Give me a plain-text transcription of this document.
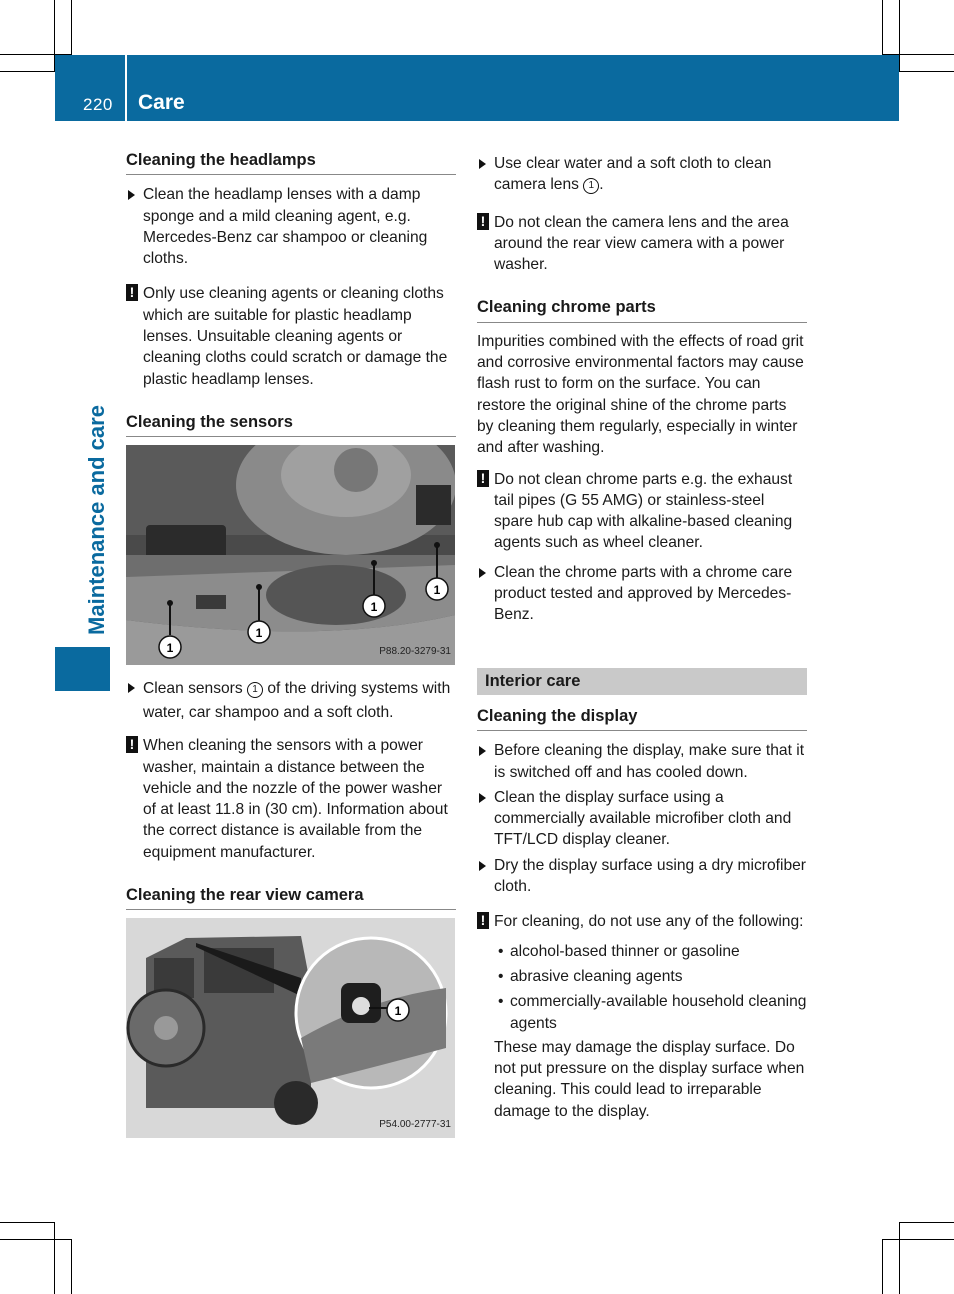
220 Care
Maintenance and care
Cleaning the headlamps

Clean the headlamp lenses with a damp sponge and a mild cleaning agent, e.g. Mercedes-Benz car shampoo or cleaning cloths.

! Only use cleaning agents or cleaning cloths which are suitable for plastic headlamp lenses. Unsuitable cleaning agents or cleaning cloths could scratch or damage the plastic headlamp lenses.
Cleaning the sensors
1
1
1
1
P88.20-3279-31

Clean sensors 1 of the driving systems with water, car shampoo and a soft cloth.

! When cleaning the sensors with a power washer, maintain a distance between the vehicle and the nozzle of the power washer of at least 11.8 in (30 cm). Information about the correct distance is available from the equipment manufacturer.
Cleaning the rear view camera
1
P54.00-2777-31

Use clear water and a soft cloth to clean camera lens 1 .

! Do not clean the camera lens and the area around the rear view camera with a power washer.
Cleaning chrome parts

Impurities combined with the effects of road grit and corrosive environmental factors may cause flash rust to form on the surface. You can restore the original shine of the chrome parts by cleaning them regularly, especially in winter and after washing.

! Do not clean chrome parts e.g. the exhaust tail pipes (G 55 AMG) or stainless-steel spare hub cap with alkaline-based cleaning agents such as wheel cleaner.

Clean the chrome parts with a chrome care product tested and approved by Mercedes-Benz.

Interior care
Cleaning the display

Before cleaning the display, make sure that it is switched off and has cooled down.

Clean the display surface using a commercially available microfiber cloth and TFT/LCD display cleaner.

Dry the display surface using a dry microfiber cloth.

! For cleaning, do not use any of the following:

• alcohol-based thinner or gasoline

• abrasive cleaning agents

• commercially-available household cleaning agents

These may damage the display surface. Do not put pressure on the display surface when cleaning. This could lead to irreparable damage to the display.
